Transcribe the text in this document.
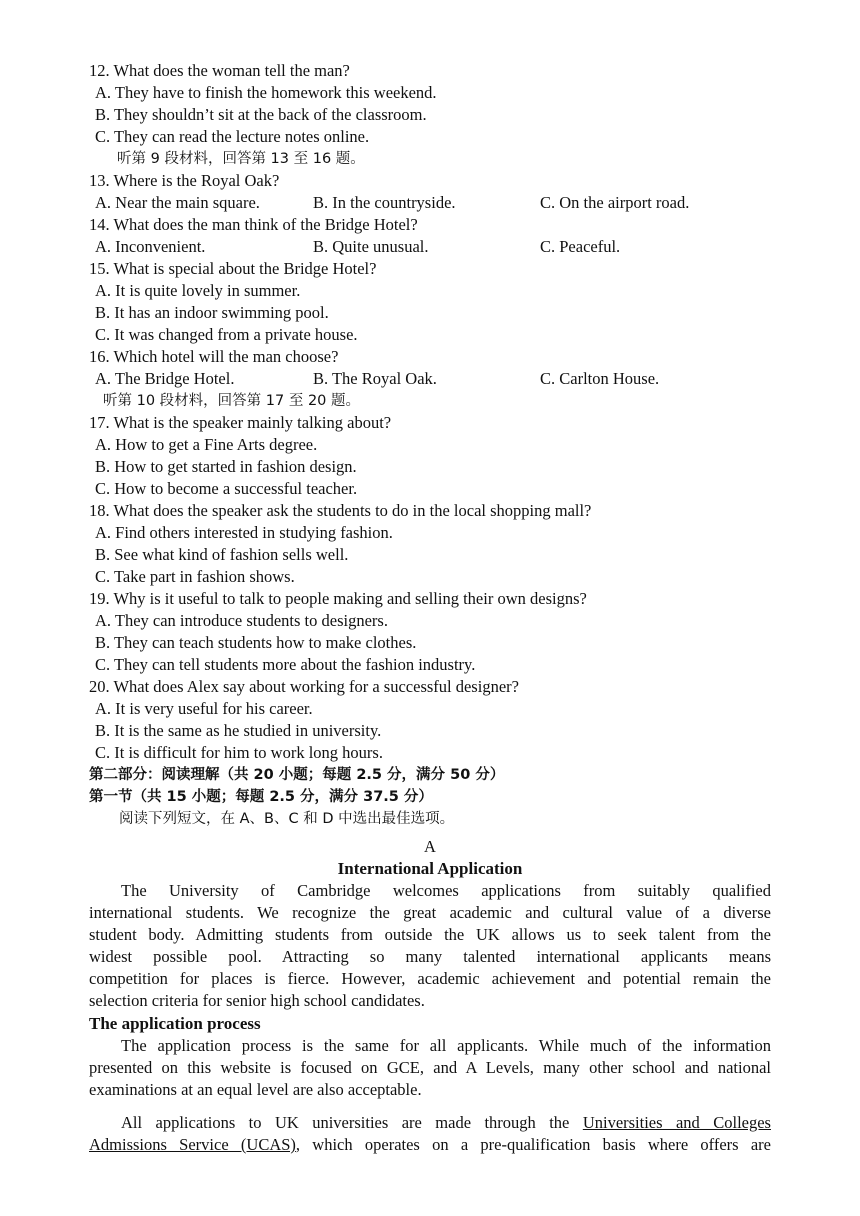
12. What does the woman tell the man?
A. They have to finish the homework this weekend.
B. They shouldn’t sit at the back of the classroom.
C. They can read the lecture notes online.
听第 9 段材料，回答第 13 至 16 题。
13. Where is the Royal Oak?
A. Near the main square.	B. In the countryside.	C. On the airport road.
14. What does the man think of the Bridge Hotel?
A. Inconvenient.	B. Quite unusual.	C. Peaceful.
15. What is special about the Bridge Hotel?
A. It is quite lovely in summer.
B. It has an indoor swimming pool.
C. It was changed from a private house.
16. Which hotel will the man choose?
A. The Bridge Hotel.	B. The Royal Oak.	C. Carlton House.
听第 10 段材料，回答第 17 至 20 题。
17. What is the speaker mainly talking about?
A. How to get a Fine Arts degree.
B. How to get started in fashion design.
C. How to become a successful teacher.
18. What does the speaker ask the students to do in the local shopping mall?
A. Find others interested in studying fashion.
B. See what kind of fashion sells well.
C. Take part in fashion shows.
19. Why is it useful to talk to people making and selling their own designs?
A. They can introduce students to designers.
B. They can teach students how to make clothes.
C. They can tell students more about the fashion industry.
20. What does Alex say about working for a successful designer?
A. It is very useful for his career.
B. It is the same as he studied in university.
C. It is difficult for him to work long hours.
第二部分：阅读理解（共 20 小题；每题 2.5 分，满分 50 分）
第一节（共 15 小题；每题 2.5 分，满分 37.5 分）
阅读下列短文，在 A、B、C 和 D 中选出最佳选项。
A
International Application
The University of Cambridge welcomes applications from suitably qualified
international students. We recognize the great academic and cultural value of a diverse
student body. Admitting students from outside the UK allows us to seek talent from the
widest possible pool. Attracting so many talented international applicants means
competition for places is fierce. However, academic achievement and potential remain the
selection criteria for senior high school candidates.
The application process
The application process is the same for all applicants. While much of the information
presented on this website is focused on GCE, and A Levels, many other school and national
examinations at an equal level are also acceptable.
All applications to UK universities are made through the Universities and Colleges
Admissions Service (UCAS), which operates on a pre-qualification basis where offers are
